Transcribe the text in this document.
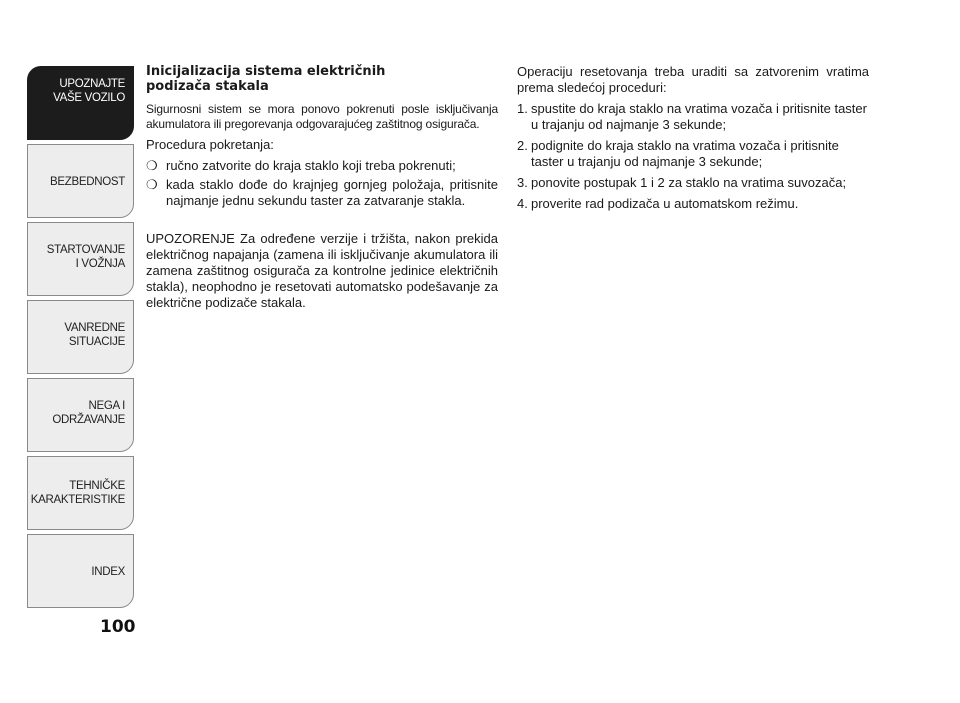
UPOZNAJTE
VAŠE VOZILO
BEZBEDNOST
STARTOVANJE
I VOŽNJA
VANREDNE
SITUACIJE
NEGA I
ODRŽAVANJE
TEHNIČKE
KARAKTERISTIKE
INDEX
100
Inicijalizacija sistema električnih
podizača stakala

Sigurnosni sistem se mora ponovo pokrenuti posle isključivanja akumulatora ili pregorevanja odgovarajućeg zaštitnog osigurača.

Procedura pokretanja:

❍ ručno zatvorite do kraja staklo koji treba pokrenuti;
❍ kada staklo dođe do krajnjeg gornjeg položaja, pritisnite najmanje jednu sekundu taster za zatvaranje stakla.

UPOZORENJE Za određene verzije i tržišta, nakon prekida električnog napajanja (zamena ili isključivanje akumulatora ili zamena zaštitnog osigurača za kontrolne jedinice električnih stakla), neophodno je resetovati automatsko podešavanje za električne podizače stakala.

Operaciju resetovanja treba uraditi sa zatvorenim vratima prema sledećoj proceduri:

1. spustite do kraja staklo na vratima vozača i pritisnite taster u trajanju od najmanje 3 sekunde;
2. podignite do kraja staklo na vratima vozača i pritisnite taster u trajanju od najmanje 3 sekunde;
3. ponovite postupak 1 i 2 za staklo na vratima suvozača;
4. proverite rad podizača u automatskom režimu.
